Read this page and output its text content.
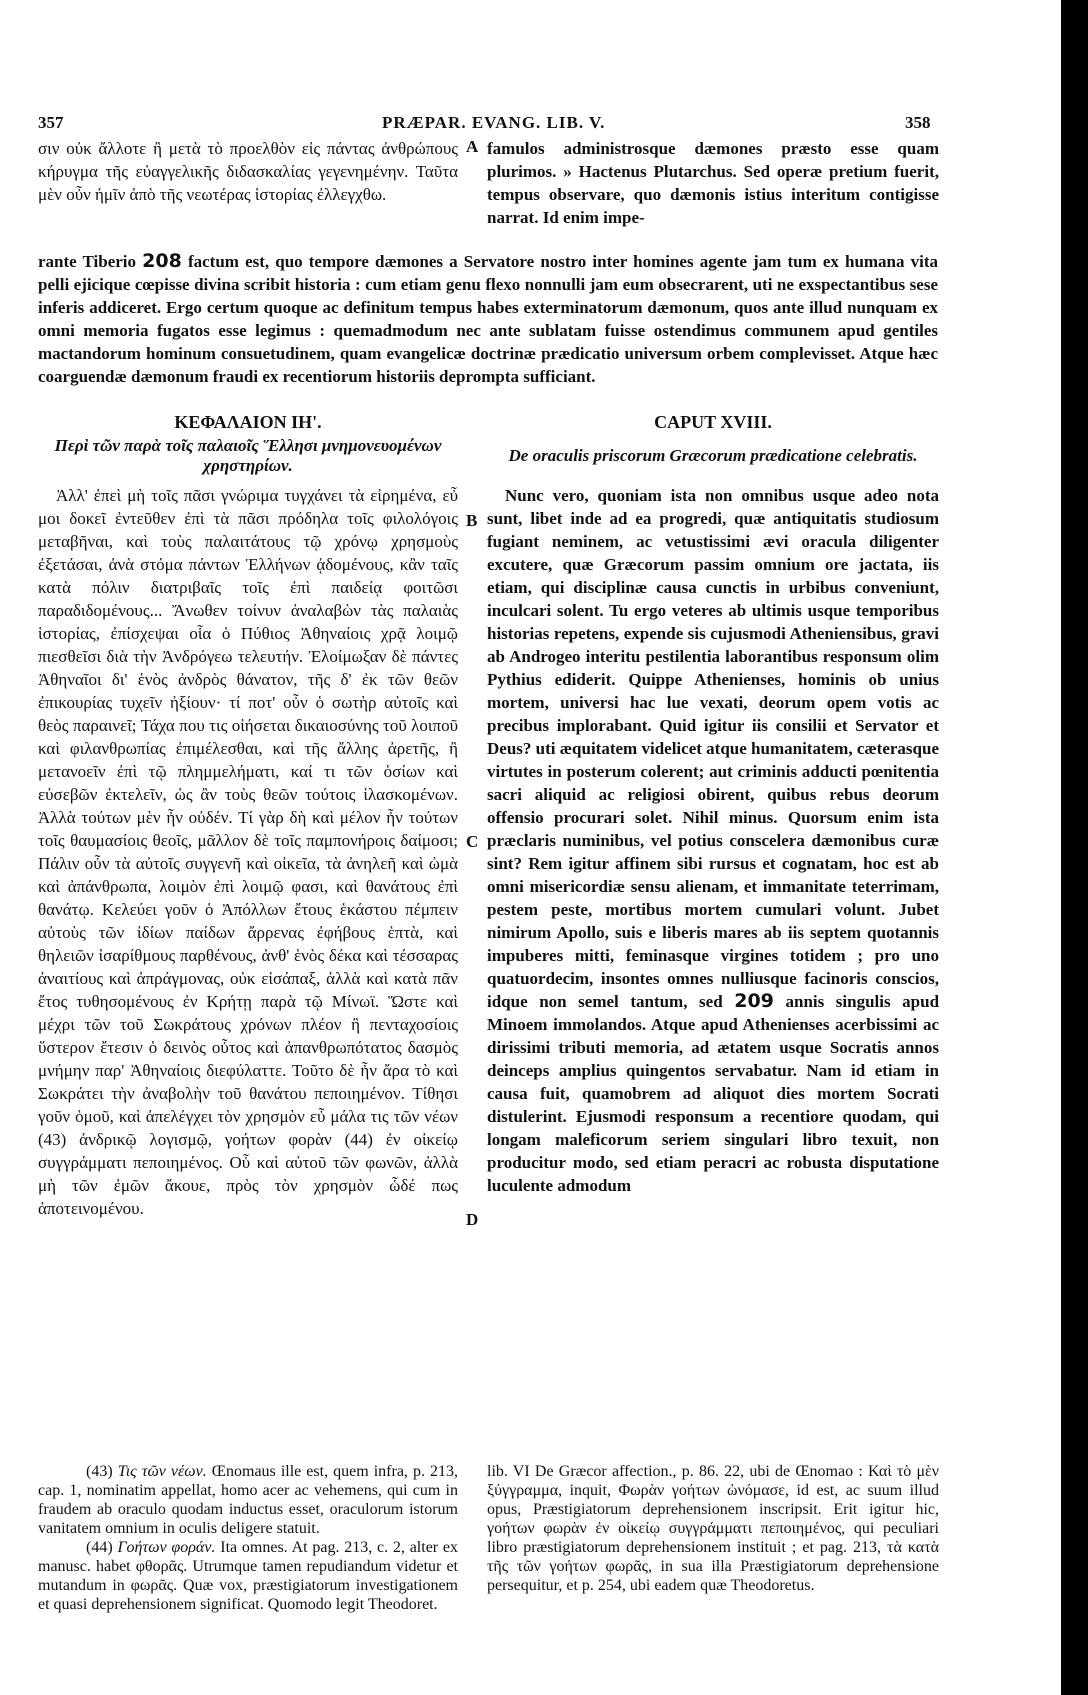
357	PRÆPAR. EVANG. LIB. V.	358
σιν οὐκ ἄλλοτε ἢ μετὰ τὸ προελθὸν εἰς πάντας ἀνθρώπους κήρυγμα τῆς εὐαγγελικῆς διδασκαλίας γεγενημένην. Ταῦτα μὲν οὖν ἡμῖν ἀπὸ τῆς νεωτέρας ἱστορίας ἐλλεγχθω.
A famulos administrosque dæmones præsto esse quam plurimos. » Hactenus Plutarchus. Sed operæ pretium fuerit, tempus observare, quo dæmonis istius interitum contigisse narrat. Id enim impe-
rante Tiberio 208 factum est, quo tempore dæmones a Servatore nostro inter homines agente jam tum ex humana vita pelli ejicique cœpisse divina scribit historia : cum etiam genu flexo nonnulli jam eum obsecrarent, uti ne exspectantibus sese inferis addiceret. Ergo certum quoque ac definitum tempus habes exterminatorum dæmonum, quos ante illud nunquam ex omni memoria fugatos esse legimus : quemadmodum nec ante sublatam fuisse ostendimus communem apud gentiles mactandorum hominum consuetudinem, quam evangelicæ doctrinæ prædicatio universum orbem complevisset. Atque hæc coarguendæ dæmonum fraudi ex recentiorum historiis deprompta sufficiant.
ΚΕΦΑΛΑΙΟΝ ΙΗ'.	CAPUT XVIII.
Περὶ τῶν παρὰ τοῖς παλαιοῖς Ἕλλησι μνημονευομένων χρηστηρίων.
De oraculis priscorum Græcorum prædicatione celebratis.
Ἀλλ' ἐπεὶ μὴ τοῖς πᾶσι γνώριμα τυγχάνει τὰ εἰρημένα, εὖ μοι δοκεῖ ἐντεῦθεν ἐπὶ τὰ πᾶσι πρόδηλα τοῖς φιλολόγοις μεταβῆναι, καὶ τοὺς παλαιτάτους τῷ χρόνῳ χρησμοὺς ἐξετάσαι, ἀνὰ στόμα πάντων Ἑλλήνων ᾀδομένους, κἂν ταῖς κατὰ πόλιν διατριβαῖς τοῖς ἐπὶ παιδείᾳ φοιτῶσι παραδιδομένους... Ἄνωθεν τοίνυν ἀναλαβὼν τὰς παλαιὰς ἱστορίας, ἐπίσχεψαι οἷα ὁ Πύθιος Ἀθηναίοις χρᾷ λοιμῷ πιεσθεῖσι διὰ τὴν Ἀνδρόγεω τελευτήν. Ἐλοίμωξαν δὲ πάντες Ἀθηναῖοι δι' ἑνὸς ἀνδρὸς θάνατον, τῆς δ' ἐκ τῶν θεῶν ἐπικουρίας τυχεῖν ἠξίουν· τί ποτ' οὖν ὁ σωτὴρ αὐτοῖς καὶ θεὸς παραινεῖ; Τάχα που τις οἰήσεται δικαιοσύνης τοῦ λοιποῦ καὶ φιλανθρωπίας ἐπιμέλεσθαι, καὶ τῆς ἄλλης ἀρετῆς, ἢ μετανοεῖν ἐπὶ τῷ πλημμελήματι, καί τι τῶν ὁσίων καὶ εὐσεβῶν ἐκτελεῖν, ὡς ἂν τοὺς θεῶν τούτοις ἱλασκομένων. Ἀλλὰ τούτων μὲν ἦν οὐδέν. Τί γὰρ δὴ καὶ μέλον ἦν τούτων τοῖς θαυμασίοις θεοῖς, μᾶλλον δὲ τοῖς παμπονήροις δαίμοσι; Πάλιν οὖν τὰ αὐτοῖς συγγενῆ καὶ οἰκεῖα, τὰ ἀνηλεῆ καὶ ὠμὰ καὶ ἀπάνθρωπα, λοιμὸν ἐπὶ λοιμῷ φασι, καὶ θανάτους ἐπὶ θανάτῳ. Κελεύει γοῦν ὁ Ἀπόλλων ἔτους ἑκάστου πέμπειν αὐτοὺς τῶν ἰδίων παίδων ἄρρενας ἐφήβους ἑπτὰ, καὶ θηλειῶν ἰσαρίθμους παρθένους, ἀνθ' ἑνὸς δέκα καὶ τέσσαρας ἀναιτίους καὶ ἀπράγμονας, οὐκ εἰσάπαξ, ἀλλὰ καὶ κατὰ πᾶν ἔτος τυθησομένους ἐν Κρήτῃ παρὰ τῷ Μίνωϊ. Ὥστε καὶ μέχρι τῶν τοῦ Σωκράτους χρόνων πλέον ἢ πενταχοσίοις ὕστερον ἔτεσιν ὁ δεινὸς οὗτος καὶ ἀπανθρωπότατος δασμὸς μνήμην παρ' Ἀθηναίοις διεφύλαττε. Τοῦτο δὲ ἦν ἄρα τὸ καὶ Σωκράτει τὴν ἀναβολὴν τοῦ θανάτου πεποιημένον. Τίθησι γοῦν ὁμοῦ, καὶ ἀπελέγχει τὸν χρησμὸν εὖ μάλα τις τῶν νέων (43) ἀνδρικῷ λογισμῷ, γοήτων φορὰν (44) ἐν οἰκείῳ συγγράμματι πεποιημένος. Οὗ καὶ αὐτοῦ τῶν φωνῶν, ἀλλὰ μὴ τῶν ἐμῶν ἄκουε, πρὸς τὸν χρησμὸν ὧδέ πως ἀποτεινομένου.
B
C
D
Nunc vero, quoniam ista non omnibus usque adeo nota sunt, libet inde ad ea progredi, quæ antiquitatis studiosum fugiant neminem, ac vetustissimi ævi oracula diligenter excutere, quæ Græcorum passim omnium ore jactata, iis etiam, qui disciplinæ causa cunctis in urbibus conveniunt, inculcari solent. Tu ergo veteres ab ultimis usque temporibus historias repetens, expende sis cujusmodi Atheniensibus, gravi ab Androgeo interitu pestilentia laborantibus responsum olim Pythius ediderit. Quippe Athenienses, hominis ob unius mortem, universi hac lue vexati, deorum opem votis ac precibus implorabant. Quid igitur iis consilii et Servator et Deus? uti æquitatem videlicet atque humanitatem, cæterasque virtutes in posterum colerent; aut criminis adducti pœnitentia sacri aliquid ac religiosi obirent, quibus rebus deorum offensio procurari solet. Nihil minus. Quorsum enim ista præclaris numinibus, vel potius conscelera dæmonibus curæ sint? Rem igitur affinem sibi rursus et cognatam, hoc est ab omni misericordiæ sensu alienam, et immanitate teterrimam, pestem peste, mortibus mortem cumulari volunt. Jubet nimirum Apollo, suis e liberis mares ab iis septem quotannis impuberes mitti, feminasque virgines totidem ; pro uno quatuordecim, insontes omnes nulliusque facinoris conscios, idque non semel tantum, sed 209 annis singulis apud Minoem immolandos. Atque apud Athenienses acerbissimi ac dirissimi tributi memoria, ad ætatem usque Socratis annos deinceps amplius quingentos servabatur. Nam id etiam in causa fuit, quamobrem ad aliquot dies mortem Socrati distulerint. Ejusmodi responsum a recentiore quodam, qui longam maleficorum seriem singulari libro texuit, non producitur modo, sed etiam peracri ac robusta disputatione luculente admodum

(43) Τις τῶν νέων. Œnomaus ille est, quem infra, p. 213, cap. 1, nominatim appellat, homo acer ac vehemens, qui cum in fraudem ab oraculo quodam inductus esset, oraculorum istorum vanitatem omnium in oculis deligere statuit.

(44) Γοήτων φοράν. Ita omnes. At pag. 213, c. 2, alter ex manusc. habet φθορᾶς. Utrumque tamen repudiandum videtur et mutandum in φωρᾶς. Quæ vox, præstigiatorum investigationem et quasi deprehensionem significat. Quomodo legit Theodoret.

lib. VI De Græcor affection., p. 86. 22, ubi de Œnomao : Καὶ τὸ μὲν ξύγγραμμα, inquit, Φωρὰν γοήτων ὠνόμασε, id est, ac suum illud opus, Præstigiatorum deprehensionem inscripsit. Erit igitur hic, γοήτων φωρὰν ἐν οἰκείῳ συγγράμματι πεποιημένος, qui peculiari libro præstigiatorum deprehensionem instituit ; et pag. 213, τὰ κατὰ τῆς τῶν γοήτων φωρᾶς, in sua illa Præstigiatorum deprehensione persequitur, et p. 254, ubi eadem quæ Theodoretus.
